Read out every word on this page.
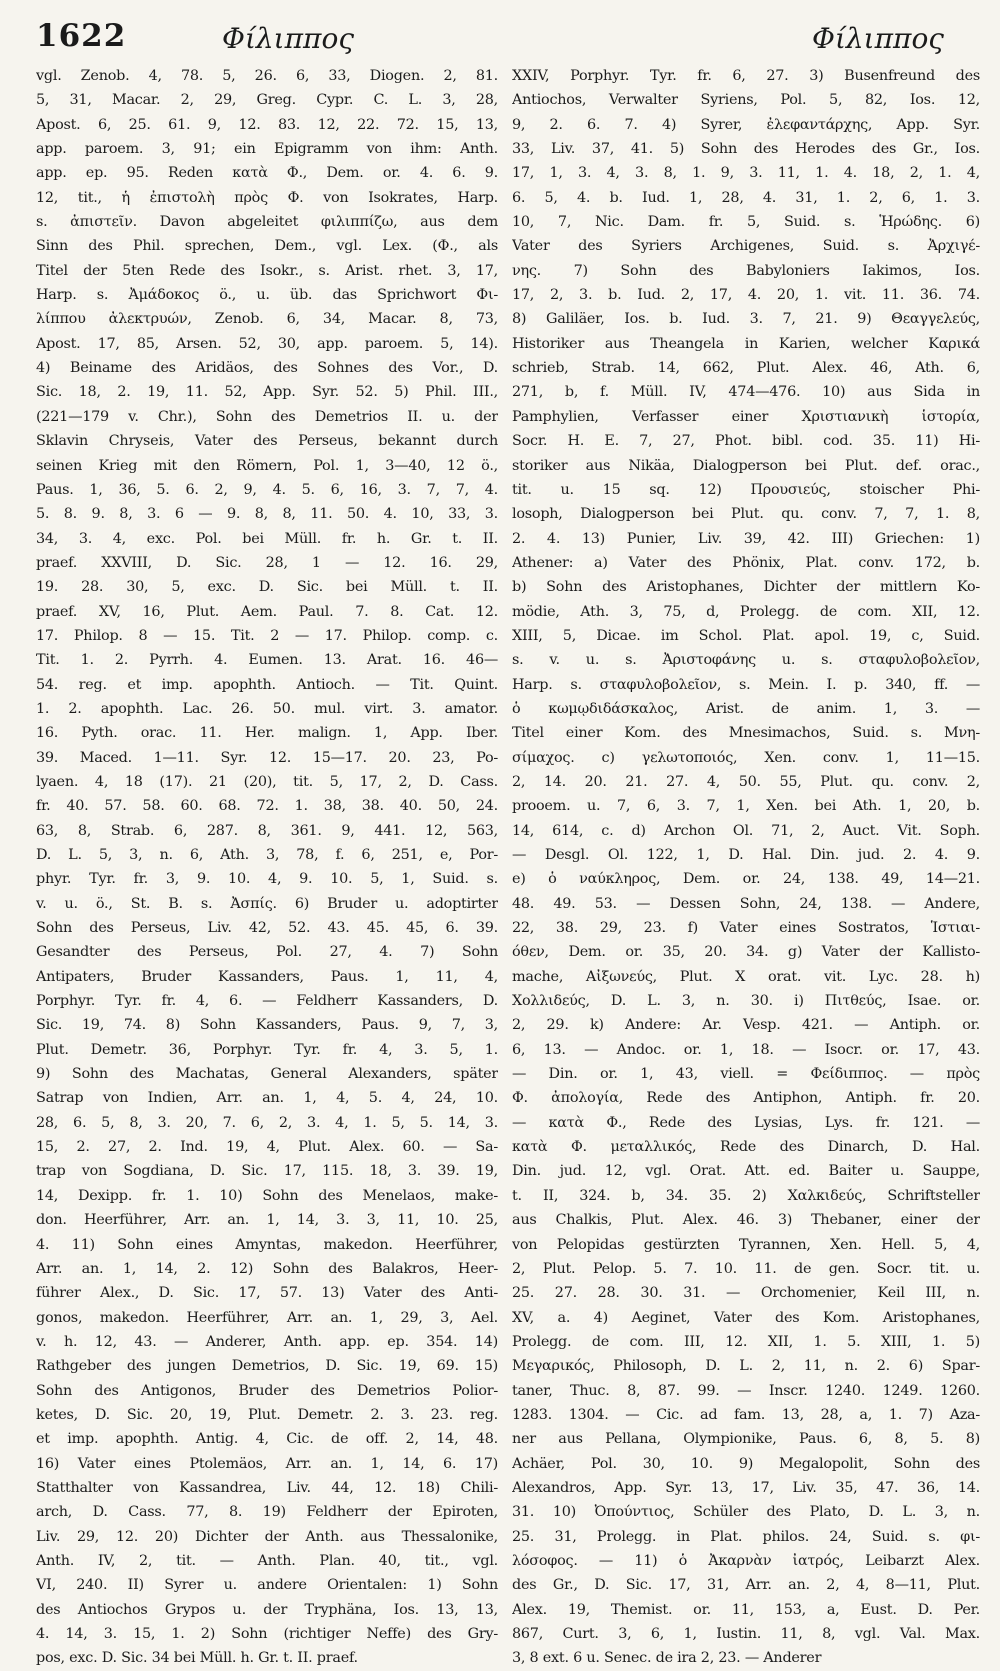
1622	Φίλιππος	Φίλιππος
vgl. Zenob. 4, 78. 5, 26. 6, 33, Diogen. 2, 81.
5, 31, Macar. 2, 29, Greg. Cypr. C. L. 3, 28,
Apost. 6, 25. 61. 9, 12. 83. 12, 22. 72. 15, 13,
app. paroem. 3, 91; ein Epigramm von ihm: Anth.
app. ep. 95. Reden κατὰ Φ., Dem. or. 4. 6. 9.
12, tit., ἡ ἐπιστολὴ πρὸς Φ. von Isokrates, Harp.
s. ἀπιστεῖν. Davon abgeleitet φιλιππίζω, aus dem
Sinn des Phil. sprechen, Dem., vgl. Lex. (Φ., als
Titel der 5ten Rede des Isokr., s. Arist. rhet. 3, 17,
Harp. s. Ἀμάδοκος ö., u. üb. das Sprichwort Φι-
λίππου ἀλεκτρυών, Zenob. 6, 34, Macar. 8, 73,
Apost. 17, 85, Arsen. 52, 30, app. paroem. 5, 14).
4) Beiname des Aridäos, des Sohnes des Vor., D.
Sic. 18, 2. 19, 11. 52, App. Syr. 52. 5) Phil. III.,
(221—179 v. Chr.), Sohn des Demetrios II. u. der
Sklavin Chryseis, Vater des Perseus, bekannt durch
seinen Krieg mit den Römern, Pol. 1, 3—40, 12 ö.,
Paus. 1, 36, 5. 6. 2, 9, 4. 5. 6, 16, 3. 7, 7, 4.
5. 8. 9. 8, 3. 6 — 9. 8, 8, 11. 50. 4. 10, 33, 3.
34, 3. 4, exc. Pol. bei Müll. fr. h. Gr. t. II.
praef. XXVIII, D. Sic. 28, 1 — 12. 16. 29,
19. 28. 30, 5, exc. D. Sic. bei Müll. t. II.
praef. XV, 16, Plut. Aem. Paul. 7. 8. Cat. 12.
17. Philop. 8 — 15. Tit. 2 — 17. Philop. comp. c.
Tit. 1. 2. Pyrrh. 4. Eumen. 13. Arat. 16. 46—
54. reg. et imp. apophth. Antioch. — Tit. Quint.
1. 2. apophth. Lac. 26. 50. mul. virt. 3. amator.
16. Pyth. orac. 11. Her. malign. 1, App. Iber.
39. Maced. 1—11. Syr. 12. 15—17. 20. 23, Po-
lyaen. 4, 18 (17). 21 (20), tit. 5, 17, 2, D. Cass.
fr. 40. 57. 58. 60. 68. 72. 1. 38, 38. 40. 50, 24.
63, 8, Strab. 6, 287. 8, 361. 9, 441. 12, 563,
D. L. 5, 3, n. 6, Ath. 3, 78, f. 6, 251, e, Por-
phyr. Tyr. fr. 3, 9. 10. 4, 9. 10. 5, 1, Suid. s.
v. u. ö., St. B. s. Ἀσπίς. 6) Bruder u. adoptirter
Sohn des Perseus, Liv. 42, 52. 43. 45. 45, 6. 39.
Gesandter des Perseus, Pol. 27, 4. 7) Sohn
Antipaters, Bruder Kassanders, Paus. 1, 11, 4,
Porphyr. Tyr. fr. 4, 6. — Feldherr Kassanders, D.
Sic. 19, 74. 8) Sohn Kassanders, Paus. 9, 7, 3,
Plut. Demetr. 36, Porphyr. Tyr. fr. 4, 3. 5, 1.
9) Sohn des Machatas, General Alexanders, später
Satrap von Indien, Arr. an. 1, 4, 5. 4, 24, 10.
28, 6. 5, 8, 3. 20, 7. 6, 2, 3. 4, 1. 5, 5. 14, 3.
15, 2. 27, 2. Ind. 19, 4, Plut. Alex. 60. — Sa-
trap von Sogdiana, D. Sic. 17, 115. 18, 3. 39. 19,
14, Dexipp. fr. 1. 10) Sohn des Menelaos, make-
don. Heerführer, Arr. an. 1, 14, 3. 3, 11, 10. 25,
4. 11) Sohn eines Amyntas, makedon. Heerführer,
Arr. an. 1, 14, 2. 12) Sohn des Balakros, Heer-
führer Alex., D. Sic. 17, 57. 13) Vater des Anti-
gonos, makedon. Heerführer, Arr. an. 1, 29, 3, Ael.
v. h. 12, 43. — Anderer, Anth. app. ep. 354. 14)
Rathgeber des jungen Demetrios, D. Sic. 19, 69. 15)
Sohn des Antigonos, Bruder des Demetrios Polior-
ketes, D. Sic. 20, 19, Plut. Demetr. 2. 3. 23. reg.
et imp. apophth. Antig. 4, Cic. de off. 2, 14, 48.
16) Vater eines Ptolemäos, Arr. an. 1, 14, 6. 17)
Statthalter von Kassandrea, Liv. 44, 12. 18) Chili-
arch, D. Cass. 77, 8. 19) Feldherr der Epiroten,
Liv. 29, 12. 20) Dichter der Anth. aus Thessalonike,
Anth. IV, 2, tit. — Anth. Plan. 40, tit., vgl.
VI, 240. II) Syrer u. andere Orientalen: 1) Sohn
des Antiochos Grypos u. der Tryphäna, Ios. 13, 13,
4. 14, 3. 15, 1. 2) Sohn (richtiger Neffe) des Gry-
pos, exc. D. Sic. 34 bei Müll. h. Gr. t. II. praef.
XXIV, Porphyr. Tyr. fr. 6, 27. 3) Busenfreund des
Antiochos, Verwalter Syriens, Pol. 5, 82, Ios. 12,
9, 2. 6. 7. 4) Syrer, ἐλεφαντάρχης, App. Syr.
33, Liv. 37, 41. 5) Sohn des Herodes des Gr., Ios.
17, 1, 3. 4, 3. 8, 1. 9, 3. 11, 1. 4. 18, 2, 1. 4,
6. 5, 4. b. Iud. 1, 28, 4. 31, 1. 2, 6, 1. 3.
10, 7, Nic. Dam. fr. 5, Suid. s. Ἡρώδης. 6)
Vater des Syriers Archigenes, Suid. s. Ἀρχιγέ-
νης. 7) Sohn des Babyloniers Iakimos, Ios.
17, 2, 3. b. Iud. 2, 17, 4. 20, 1. vit. 11. 36. 74.
8) Galiläer, Ios. b. Iud. 3. 7, 21. 9) Θεαγγελεύς,
Historiker aus Theangela in Karien, welcher Καρικά
schrieb, Strab. 14, 662, Plut. Alex. 46, Ath. 6,
271, b, f. Müll. IV, 474—476. 10) aus Sida in
Pamphylien, Verfasser einer Χριστιανικὴ ἱστορία,
Socr. H. E. 7, 27, Phot. bibl. cod. 35. 11) Hi-
storiker aus Nikäa, Dialogperson bei Plut. def. orac.,
tit. u. 15 sq. 12) Προυσιεύς, stoischer Phi-
losoph, Dialogperson bei Plut. qu. conv. 7, 7, 1. 8,
2. 4. 13) Punier, Liv. 39, 42. III) Griechen: 1)
Athener: a) Vater des Phönix, Plat. conv. 172, b.
b) Sohn des Aristophanes, Dichter der mittlern Ko-
mödie, Ath. 3, 75, d, Prolegg. de com. XII, 12.
XIII, 5, Dicae. im Schol. Plat. apol. 19, c, Suid.
s. v. u. s. Ἀριστοφάνης u. s. σταφυλοβολεῖον,
Harp. s. σταφυλοβολεῖον, s. Mein. I. p. 340, ff. —
ὁ κωμῳδιδάσκαλος, Arist. de anim. 1, 3. —
Titel einer Kom. des Mnesimachos, Suid. s. Μνη-
σίμαχος. c) γελωτοποιός, Xen. conv. 1, 11—15.
2, 14. 20. 21. 27. 4, 50. 55, Plut. qu. conv. 2,
prooem. u. 7, 6, 3. 7, 1, Xen. bei Ath. 1, 20, b.
14, 614, c. d) Archon Ol. 71, 2, Auct. Vit. Soph.
— Desgl. Ol. 122, 1, D. Hal. Din. jud. 2. 4. 9.
e) ὁ ναύκληρος, Dem. or. 24, 138. 49, 14—21.
48. 49. 53. — Dessen Sohn, 24, 138. — Andere,
22, 38. 29, 23. f) Vater eines Sostratos, Ἱστιαι-
όθεν, Dem. or. 35, 20. 34. g) Vater der Kallisto-
mache, Αἰξωνεύς, Plut. X orat. vit. Lyc. 28. h)
Χολλιδεύς, D. L. 3, n. 30. i) Πιτθεύς, Isae. or.
2, 29. k) Andere: Ar. Vesp. 421. — Antiph. or.
6, 13. — Andoc. or. 1, 18. — Isocr. or. 17, 43.
— Din. or. 1, 43, viell. = Φείδιππος. — πρὸς
Φ. ἀπολογία, Rede des Antiphon, Antiph. fr. 20.
— κατὰ Φ., Rede des Lysias, Lys. fr. 121. —
κατὰ Φ. μεταλλικός, Rede des Dinarch, D. Hal.
Din. jud. 12, vgl. Orat. Att. ed. Baiter u. Sauppe,
t. II, 324. b, 34. 35. 2) Χαλκιδεύς, Schriftsteller
aus Chalkis, Plut. Alex. 46. 3) Thebaner, einer der
von Pelopidas gestürzten Tyrannen, Xen. Hell. 5, 4,
2, Plut. Pelop. 5. 7. 10. 11. de gen. Socr. tit. u.
25. 27. 28. 30. 31. — Orchomenier, Keil III, n.
XV, a. 4) Aeginet, Vater des Kom. Aristophanes,
Prolegg. de com. III, 12. XII, 1. 5. XIII, 1. 5)
Μεγαρικός, Philosoph, D. L. 2, 11, n. 2. 6) Spar-
taner, Thuc. 8, 87. 99. — Inscr. 1240. 1249. 1260.
1283. 1304. — Cic. ad fam. 13, 28, a, 1. 7) Aza-
ner aus Pellana, Olympionike, Paus. 6, 8, 5. 8)
Achäer, Pol. 30, 10. 9) Megalopolit, Sohn des
Alexandros, App. Syr. 13, 17, Liv. 35, 47. 36, 14.
31. 10) Ὀπούντιος, Schüler des Plato, D. L. 3, n.
25. 31, Prolegg. in Plat. philos. 24, Suid. s. φι-
λόσοφος. — 11) ὁ Ἀκαρνὰν ἰατρός, Leibarzt Alex.
des Gr., D. Sic. 17, 31, Arr. an. 2, 4, 8—11, Plut.
Alex. 19, Themist. or. 11, 153, a, Eust. D. Per.
867, Curt. 3, 6, 1, Iustin. 11, 8, vgl. Val. Max.
3, 8 ext. 6 u. Senec. de ira 2, 23. — Anderer
